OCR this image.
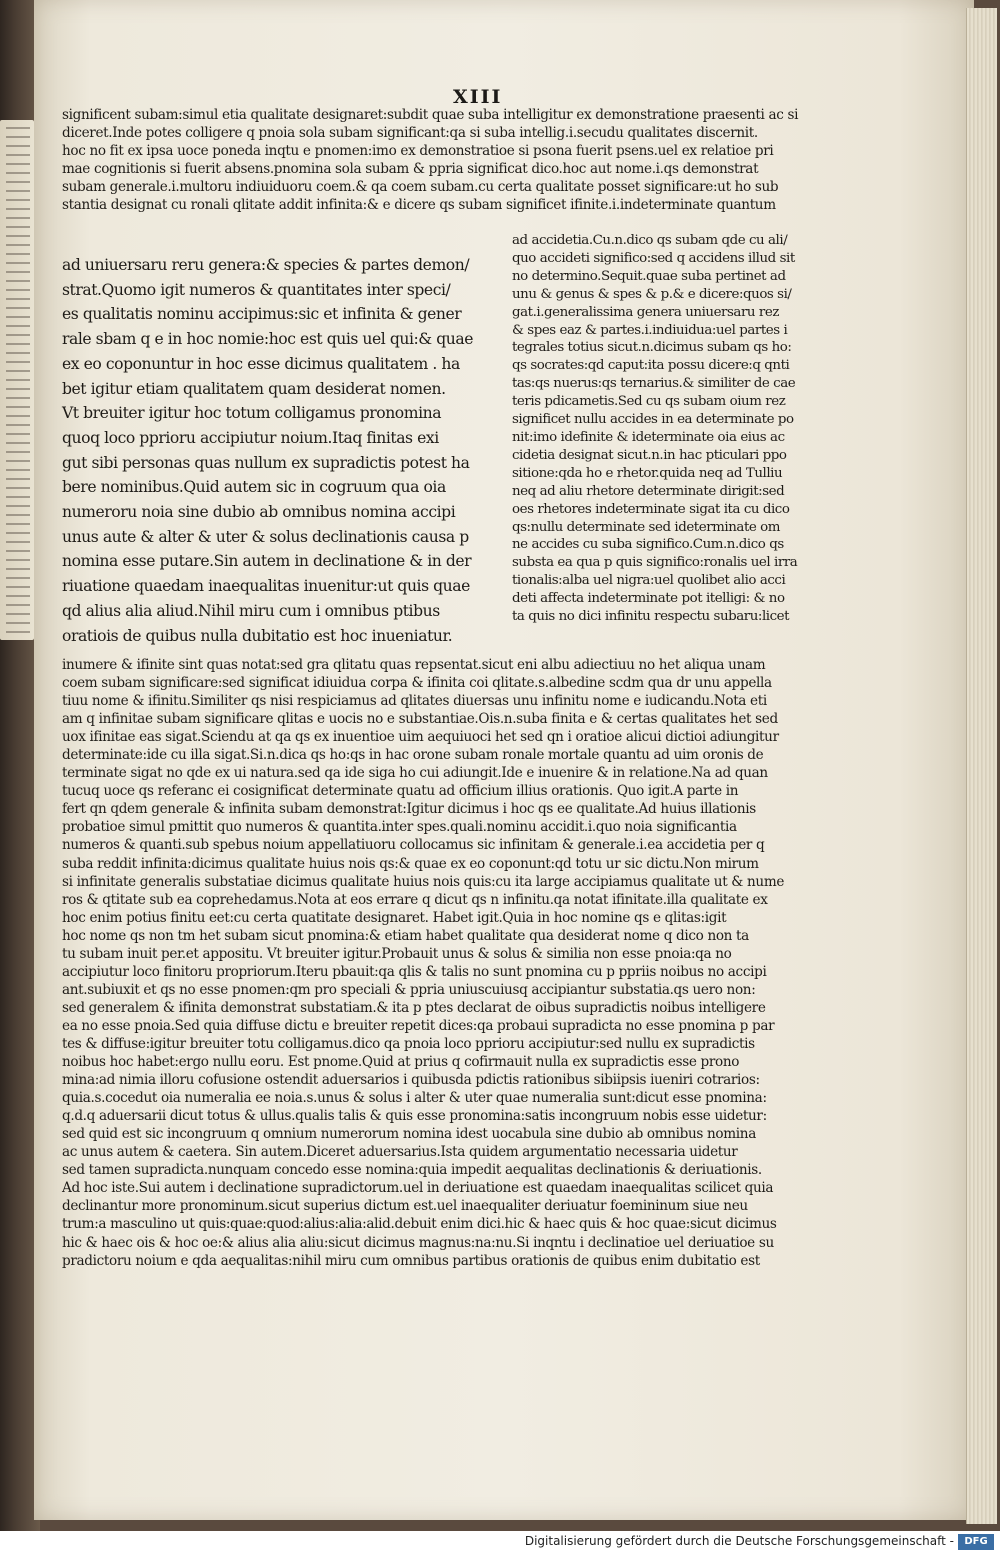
XIII

significent subam:simul etia qualitate designaret:subdit quae suba intelligitur ex demonstratione praesenti ac si

diceret.Inde potes colligere q pnoia sola subam significant:qa si suba intellig.i.secudu qualitates discernit.

hoc no fit ex ipsa uoce poneda inqtu e pnomen:imo ex demonstratioe si psona fuerit psens.uel ex relatioe pri

mae cognitionis si fuerit absens.pnomina sola subam & ppria significat dico.hoc aut nome.i.qs demonstrat

subam generale.i.multoru indiuiduoru coem.& qa coem subam.cu certa qualitate posset significare:ut ho sub

stantia designat cu ronali qlitate addit infinita:& e dicere qs subam significet ifinite.i.indeterminate quantum

ad uniuersaru reru genera:& species & partes demon/

strat.Quomo igit numeros & quantitates inter speci/

es qualitatis nominu accipimus:sic et infinita & gener

rale sbam q e in hoc nomie:hoc est quis uel qui:& quae

ex eo coponuntur in hoc esse dicimus qualitatem . ha

bet igitur etiam qualitatem quam desiderat nomen.

Vt breuiter igitur hoc totum colligamus pronomina

quoq loco pprioru accipiutur noium.Itaq finitas exi

gut sibi personas quas nullum ex supradictis potest ha

bere nominibus.Quid autem sic in cogruum qua oia

numeroru noia sine dubio ab omnibus nomina accipi

unus aute & alter & uter & solus declinationis causa p

nomina esse putare.Sin autem in declinatione & in der

riuatione quaedam inaequalitas inuenitur:ut quis quae

qd alius alia aliud.Nihil miru cum i omnibus ptibus

oratiois de quibus nulla dubitatio est hoc inueniatur.

ad accidetia.Cu.n.dico qs subam qde cu ali/

quo accideti significo:sed q accidens illud sit

no determino.Sequit.quae suba pertinet ad

unu & genus & spes & p.& e dicere:quos si/

gat.i.generalissima genera uniuersaru rez

& spes eaz & partes.i.indiuidua:uel partes i

tegrales totius sicut.n.dicimus subam qs ho:

qs socrates:qd caput:ita possu dicere:q qnti

tas:qs nuerus:qs ternarius.& similiter de cae

teris pdicametis.Sed cu qs subam oium rez

significet nullu accides in ea determinate po

nit:imo idefinite & ideterminate oia eius ac

cidetia designat sicut.n.in hac pticulari ppo

sitione:qda ho e rhetor.quida neq ad Tulliu

neq ad aliu rhetore determinate dirigit:sed

oes rhetores indeterminate sigat ita cu dico

qs:nullu determinate sed ideterminate om

ne accides cu suba significo.Cum.n.dico qs

substa ea qua p quis significo:ronalis uel irra

tionalis:alba uel nigra:uel quolibet alio acci

deti affecta indeterminate pot itelligi: & no

ta quis no dici infinitu respectu subaru:licet

inumere & ifinite sint quas notat:sed gra qlitatu quas repsentat.sicut eni albu adiectiuu no het aliqua unam

coem subam significare:sed significat idiuidua corpa & ifinita coi qlitate.s.albedine scdm qua dr unu appella

tiuu nome & ifinitu.Similiter qs nisi respiciamus ad qlitates diuersas unu infinitu nome e iudicandu.Nota eti

am q infinitae subam significare qlitas e uocis no e substantiae.Ois.n.suba finita e & certas qualitates het sed

uox ifinitae eas sigat.Sciendu at qa qs ex inuentioe uim aequiuoci het sed qn i oratioe alicui dictioi adiungitur

determinate:ide cu illa sigat.Si.n.dica qs ho:qs in hac orone subam ronale mortale quantu ad uim oronis de

terminate sigat no qde ex ui natura.sed qa ide siga ho cui adiungit.Ide e inuenire & in relatione.Na ad quan

tucuq uoce qs referanc ei cosignificat determinate quatu ad officium illius orationis. Quo igit.A parte in

fert qn qdem generale & infinita subam demonstrat:Igitur dicimus i hoc qs ee qualitate.Ad huius illationis

probatioe simul pmittit quo numeros & quantita.inter spes.quali.nominu accidit.i.quo noia significantia

numeros & quanti.sub spebus noium appellatiuoru collocamus sic infinitam & generale.i.ea accidetia per q

suba reddit infinita:dicimus qualitate huius nois qs:& quae ex eo coponunt:qd totu ur sic dictu.Non mirum

si infinitate generalis substatiae dicimus qualitate huius nois quis:cu ita large accipiamus qualitate ut & nume

ros & qtitate sub ea coprehedamus.Nota at eos errare q dicut qs n infinitu.qa notat ifinitate.illa qualitate ex

hoc enim potius finitu eet:cu certa quatitate designaret. Habet igit.Quia in hoc nomine qs e qlitas:igit

hoc nome qs non tm het subam sicut pnomina:& etiam habet qualitate qua desiderat nome q dico non ta

tu subam inuit per.et appositu. Vt breuiter igitur.Probauit unus & solus & similia non esse pnoia:qa no

accipiutur loco finitoru propriorum.Iteru pbauit:qa qlis & talis no sunt pnomina cu p ppriis noibus no accipi

ant.subiuxit et qs no esse pnomen:qm pro speciali & ppria uniuscuiusq accipiantur substatia.qs uero non:

sed generalem & ifinita demonstrat substatiam.& ita p ptes declarat de oibus supradictis noibus intelligere

ea no esse pnoia.Sed quia diffuse dictu e breuiter repetit dices:qa probaui supradicta no esse pnomina p par

tes & diffuse:igitur breuiter totu colligamus.dico qa pnoia loco pprioru accipiutur:sed nullu ex supradictis

noibus hoc habet:ergo nullu eoru. Est pnome.Quid at prius q cofirmauit nulla ex supradictis esse prono

mina:ad nimia illoru cofusione ostendit aduersarios i quibusda pdictis rationibus sibiipsis iueniri cotrarios:

quia.s.cocedut oia numeralia ee noia.s.unus & solus i alter & uter quae numeralia sunt:dicut esse pnomina:

q.d.q aduersarii dicut totus & ullus.qualis talis & quis esse pronomina:satis incongruum nobis esse uidetur:

sed quid est sic incongruum q omnium numerorum nomina idest uocabula sine dubio ab omnibus nomina

ac unus autem & caetera. Sin autem.Diceret aduersarius.Ista quidem argumentatio necessaria uidetur

sed tamen supradicta.nunquam concedo esse nomina:quia impedit aequalitas declinationis & deriuationis.

Ad hoc iste.Sui autem i declinatione supradictorum.uel in deriuatione est quaedam inaequalitas scilicet quia

declinantur more pronominum.sicut superius dictum est.uel inaequaliter deriuatur foemininum siue neu

trum:a masculino ut quis:quae:quod:alius:alia:alid.debuit enim dici.hic & haec quis & hoc quae:sicut dicimus

hic & haec ois & hoc oe:& alius alia aliu:sicut dicimus magnus:na:nu.Si inqntu i declinatioe uel deriuatioe su

pradictoru noium e qda aequalitas:nihil miru cum omnibus partibus orationis de quibus enim dubitatio est

Digitalisierung gefördert durch die Deutsche Forschungsgemeinschaft -	DFG
